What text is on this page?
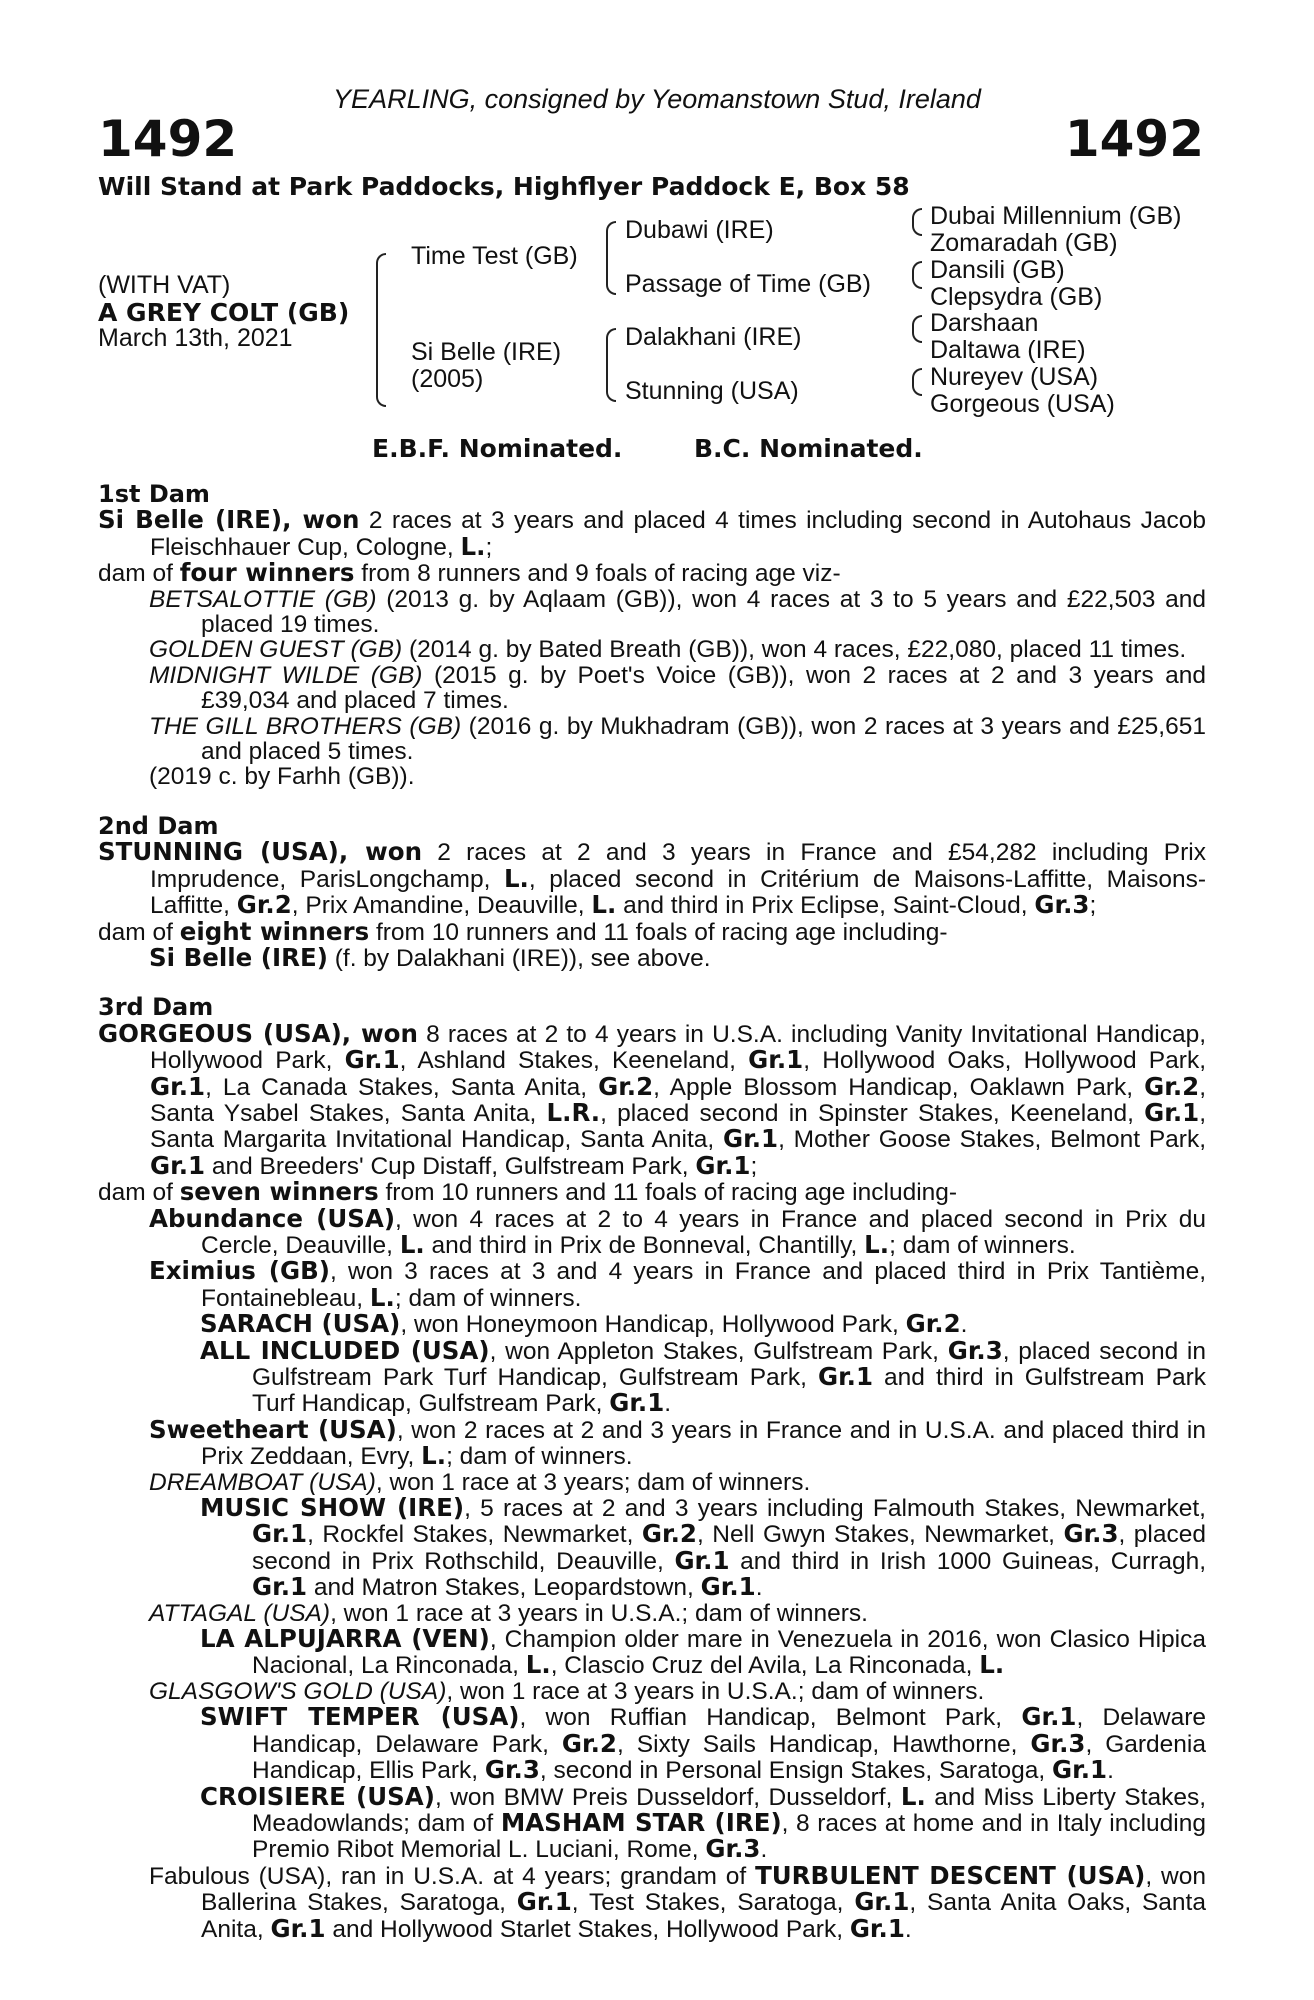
YEARLING, consigned by Yeomanstown Stud, Ireland
1492	1492
Will Stand at Park Paddocks, Highflyer Paddock E, Box 58
(WITH VAT)
A GREY COLT (GB)
March 13th, 2021
Time Test (GB)
Si Belle (IRE)
(2005)
Dubawi (IRE)
Passage of Time (GB)
Dalakhani (IRE)
Stunning (USA)
Dubai Millennium (GB)
Zomaradah (GB)
Dansili (GB)
Clepsydra (GB)
Darshaan
Daltawa (IRE)
Nureyev (USA)
Gorgeous (USA)
E.B.F. Nominated.	B.C. Nominated.
1st Dam
Si Belle (IRE), won 2 races at 3 years and placed 4 times including second in Autohaus Jacob Fleischhauer Cup, Cologne, L.;
dam of four winners from 8 runners and 9 foals of racing age viz-
BETSALOTTIE (GB) (2013 g. by Aqlaam (GB)), won 4 races at 3 to 5 years and £22,503 and placed 19 times.
GOLDEN GUEST (GB) (2014 g. by Bated Breath (GB)), won 4 races, £22,080, placed 11 times.
MIDNIGHT WILDE (GB) (2015 g. by Poet's Voice (GB)), won 2 races at 2 and 3 years and £39,034 and placed 7 times.
THE GILL BROTHERS (GB) (2016 g. by Mukhadram (GB)), won 2 races at 3 years and £25,651 and placed 5 times.
(2019 c. by Farhh (GB)).
2nd Dam
STUNNING (USA), won 2 races at 2 and 3 years in France and £54,282 including Prix Imprudence, ParisLongchamp, L., placed second in Critérium de Maisons-Laffitte, Maisons-Laffitte, Gr.2, Prix Amandine, Deauville, L. and third in Prix Eclipse, Saint-Cloud, Gr.3;
dam of eight winners from 10 runners and 11 foals of racing age including-
Si Belle (IRE) (f. by Dalakhani (IRE)), see above.
3rd Dam
GORGEOUS (USA), won 8 races at 2 to 4 years in U.S.A. including Vanity Invitational Handicap, Hollywood Park, Gr.1, Ashland Stakes, Keeneland, Gr.1, Hollywood Oaks, Hollywood Park, Gr.1, La Canada Stakes, Santa Anita, Gr.2, Apple Blossom Handicap, Oaklawn Park, Gr.2, Santa Ysabel Stakes, Santa Anita, L.R., placed second in Spinster Stakes, Keeneland, Gr.1, Santa Margarita Invitational Handicap, Santa Anita, Gr.1, Mother Goose Stakes, Belmont Park, Gr.1 and Breeders' Cup Distaff, Gulfstream Park, Gr.1;
dam of seven winners from 10 runners and 11 foals of racing age including-
Abundance (USA), won 4 races at 2 to 4 years in France and placed second in Prix du Cercle, Deauville, L. and third in Prix de Bonneval, Chantilly, L.; dam of winners.
Eximius (GB), won 3 races at 3 and 4 years in France and placed third in Prix Tantième, Fontainebleau, L.; dam of winners.
SARACH (USA), won Honeymoon Handicap, Hollywood Park, Gr.2.
ALL INCLUDED (USA), won Appleton Stakes, Gulfstream Park, Gr.3, placed second in Gulfstream Park Turf Handicap, Gulfstream Park, Gr.1 and third in Gulfstream Park Turf Handicap, Gulfstream Park, Gr.1.
Sweetheart (USA), won 2 races at 2 and 3 years in France and in U.S.A. and placed third in Prix Zeddaan, Evry, L.; dam of winners.
DREAMBOAT (USA), won 1 race at 3 years; dam of winners.
MUSIC SHOW (IRE), 5 races at 2 and 3 years including Falmouth Stakes, Newmarket, Gr.1, Rockfel Stakes, Newmarket, Gr.2, Nell Gwyn Stakes, Newmarket, Gr.3, placed second in Prix Rothschild, Deauville, Gr.1 and third in Irish 1000 Guineas, Curragh, Gr.1 and Matron Stakes, Leopardstown, Gr.1.
ATTAGAL (USA), won 1 race at 3 years in U.S.A.; dam of winners.
LA ALPUJARRA (VEN), Champion older mare in Venezuela in 2016, won Clasico Hipica Nacional, La Rinconada, L., Clascio Cruz del Avila, La Rinconada, L.
GLASGOW'S GOLD (USA), won 1 race at 3 years in U.S.A.; dam of winners.
SWIFT TEMPER (USA), won Ruffian Handicap, Belmont Park, Gr.1, Delaware Handicap, Delaware Park, Gr.2, Sixty Sails Handicap, Hawthorne, Gr.3, Gardenia Handicap, Ellis Park, Gr.3, second in Personal Ensign Stakes, Saratoga, Gr.1.
CROISIERE (USA), won BMW Preis Dusseldorf, Dusseldorf, L. and Miss Liberty Stakes, Meadowlands; dam of MASHAM STAR (IRE), 8 races at home and in Italy including Premio Ribot Memorial L. Luciani, Rome, Gr.3.
Fabulous (USA), ran in U.S.A. at 4 years; grandam of TURBULENT DESCENT (USA), won Ballerina Stakes, Saratoga, Gr.1, Test Stakes, Saratoga, Gr.1, Santa Anita Oaks, Santa Anita, Gr.1 and Hollywood Starlet Stakes, Hollywood Park, Gr.1.
